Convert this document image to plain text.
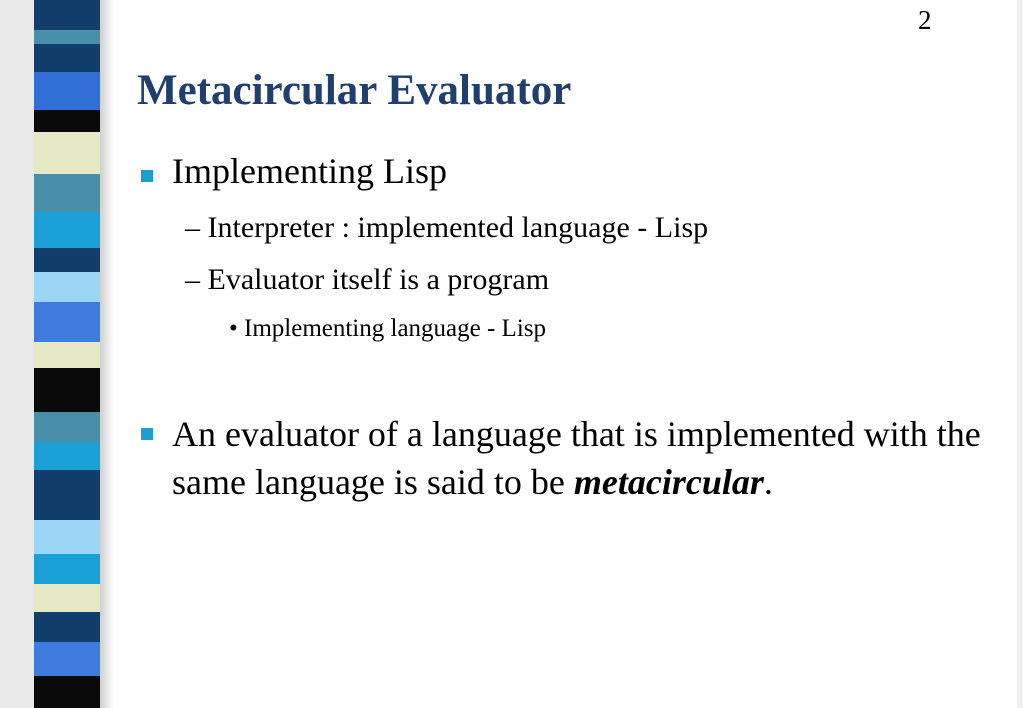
2
Metacircular Evaluator
Implementing Lisp
– Interpreter : implemented language - Lisp
– Evaluator itself is a program
• Implementing language - Lisp
An evaluator of a language that is implemented with the same language is said to be metacircular.
